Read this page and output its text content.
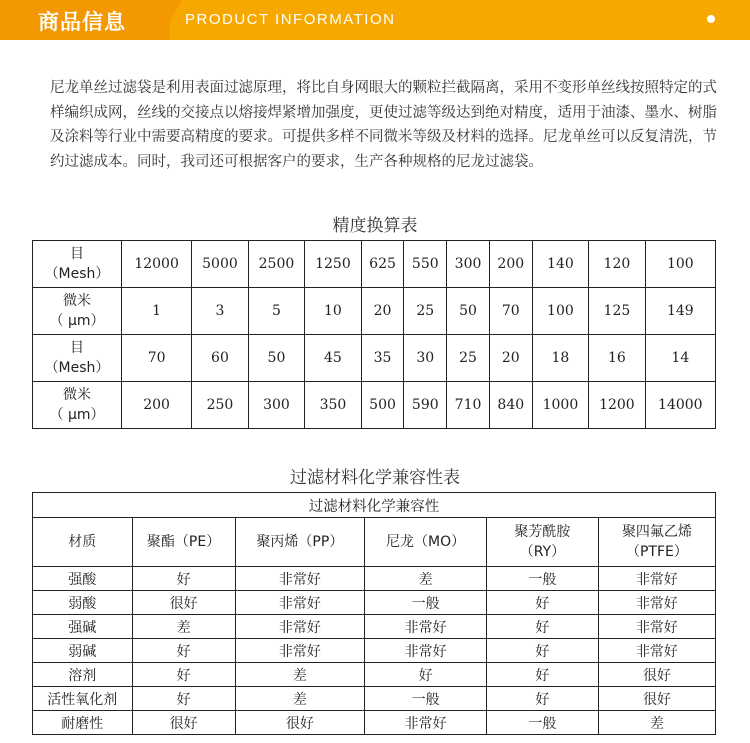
商品信息	PRODUCT INFORMATION

尼龙单丝过滤袋是利用表面过滤原理，将比自身网眼大的颗粒拦截隔离，采用不变形单丝线按照特定的式样编织成网，丝线的交接点以熔接焊紧增加强度，更使过滤等级达到绝对精度，适用于油漆、墨水、树脂及涂料等行业中需要高精度的要求。可提供多样不同微米等级及材料的选择。尼龙单丝可以反复清洗，节约过滤成本。同时，我司还可根据客户的要求，生产各种规格的尼龙过滤袋。

精度换算表
目
（Mesh）	12000	5000	2500	1250	625	550	300	200	140	120	100

微米
（ μm）	1	3	5	10	20	25	50	70	100	125	149

目
（Mesh）	70	60	50	45	35	30	25	20	18	16	14

微米
（ μm）	200	250	300	350	500	590	710	840	1000	1200	14000
过滤材料化学兼容性表
过滤材料化学兼容性					

材质	聚酯（PE）	聚丙烯（PP）	尼龙（MO）	聚芳酰胺
（RY）	聚四氟乙烯
（PTFE）

强酸	好	非常好	差	一般	非常好
弱酸	很好	非常好	一般	好	非常好
强碱	差	非常好	非常好	好	非常好
弱碱	好	非常好	非常好	好	非常好
溶剂	好	差	好	好	很好
活性氧化剂	好	差	一般	好	很好
耐磨性	很好	很好	非常好	一般	差
